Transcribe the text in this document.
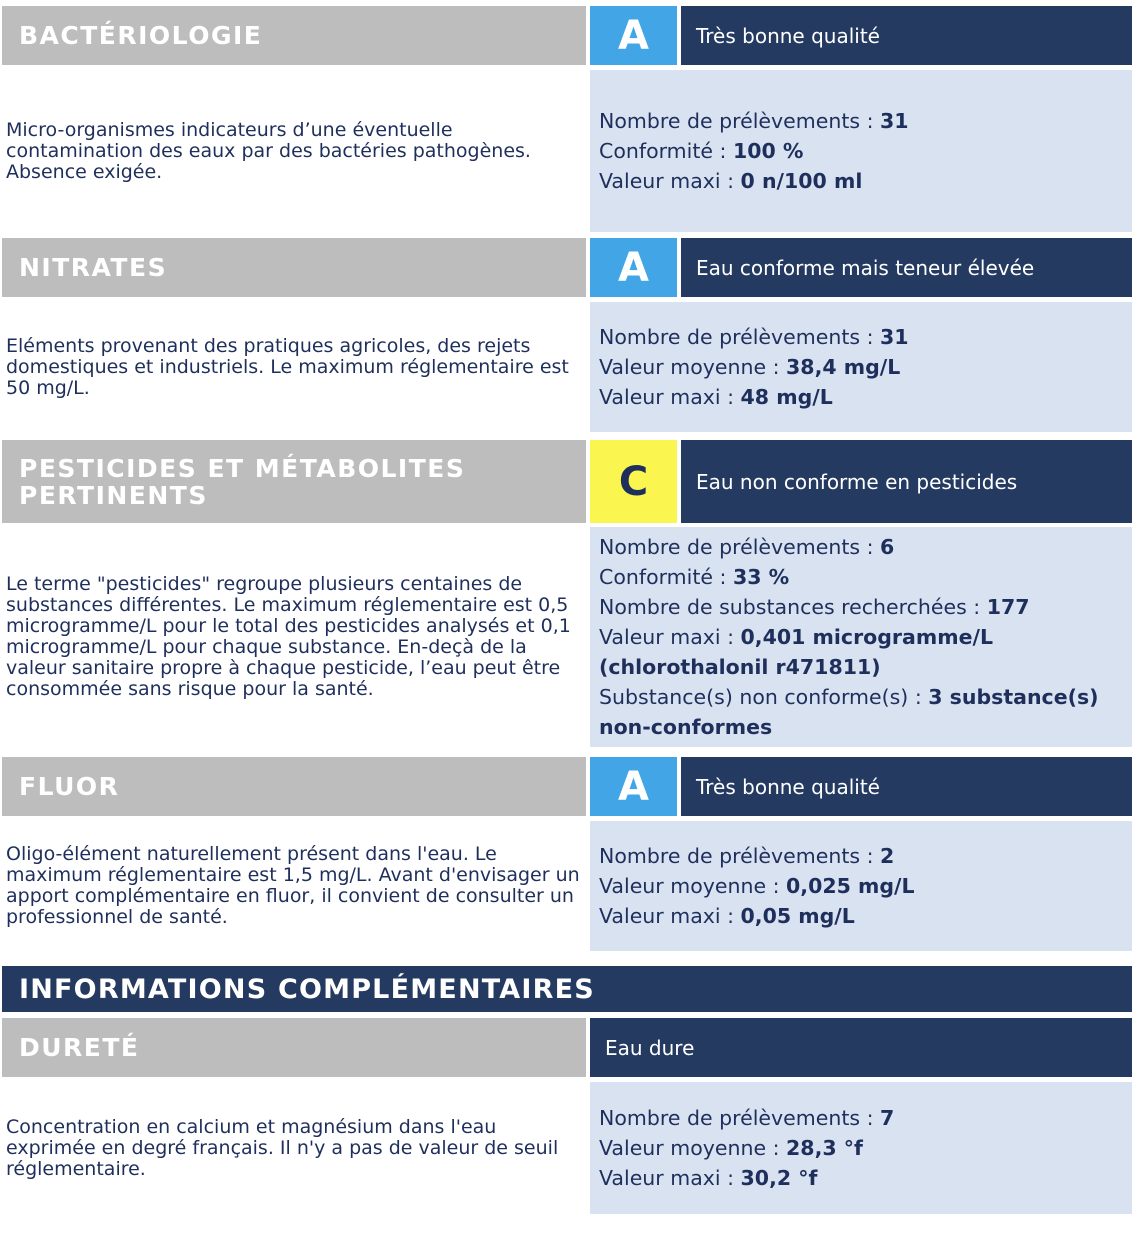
BACTÉRIOLOGIE	A	Très bonne qualité
Micro-organismes indicateurs d’une éventuelle contamination des eaux par des bactéries pathogènes. Absence exigée.
Nombre de prélèvements : 31
Conformité : 100 %
Valeur maxi : 0 n/100 ml
NITRATES	A	Eau conforme mais teneur élevée
Eléments provenant des pratiques agricoles, des rejets domestiques et industriels. Le maximum réglementaire est 50 mg/L.
Nombre de prélèvements : 31
Valeur moyenne : 38,4 mg/L
Valeur maxi : 48 mg/L
PESTICIDES ET MÉTABOLITES PERTINENTS	C	Eau non conforme en pesticides
Le terme "pesticides" regroupe plusieurs centaines de substances différentes. Le maximum réglementaire est 0,5 microgramme/L pour le total des pesticides analysés et 0,1 microgramme/L pour chaque substance. En-deçà de la valeur sanitaire propre à chaque pesticide, l’eau peut être consommée sans risque pour la santé.
Nombre de prélèvements : 6
Conformité : 33 %
Nombre de substances recherchées : 177
Valeur maxi : 0,401 microgramme/L (chlorothalonil r471811)
Substance(s) non conforme(s) : 3 substance(s) non-conformes
FLUOR	A	Très bonne qualité
Oligo-élément naturellement présent dans l'eau. Le maximum réglementaire est 1,5 mg/L. Avant d'envisager un apport complémentaire en fluor, il convient de consulter un professionnel de santé.
Nombre de prélèvements : 2
Valeur moyenne : 0,025 mg/L
Valeur maxi : 0,05 mg/L
INFORMATIONS COMPLÉMENTAIRES
DURETÉ	Eau dure
Concentration en calcium et magnésium dans l'eau exprimée en degré français. Il n'y a pas de valeur de seuil réglementaire.
Nombre de prélèvements : 7
Valeur moyenne : 28,3 °f
Valeur maxi : 30,2 °f
